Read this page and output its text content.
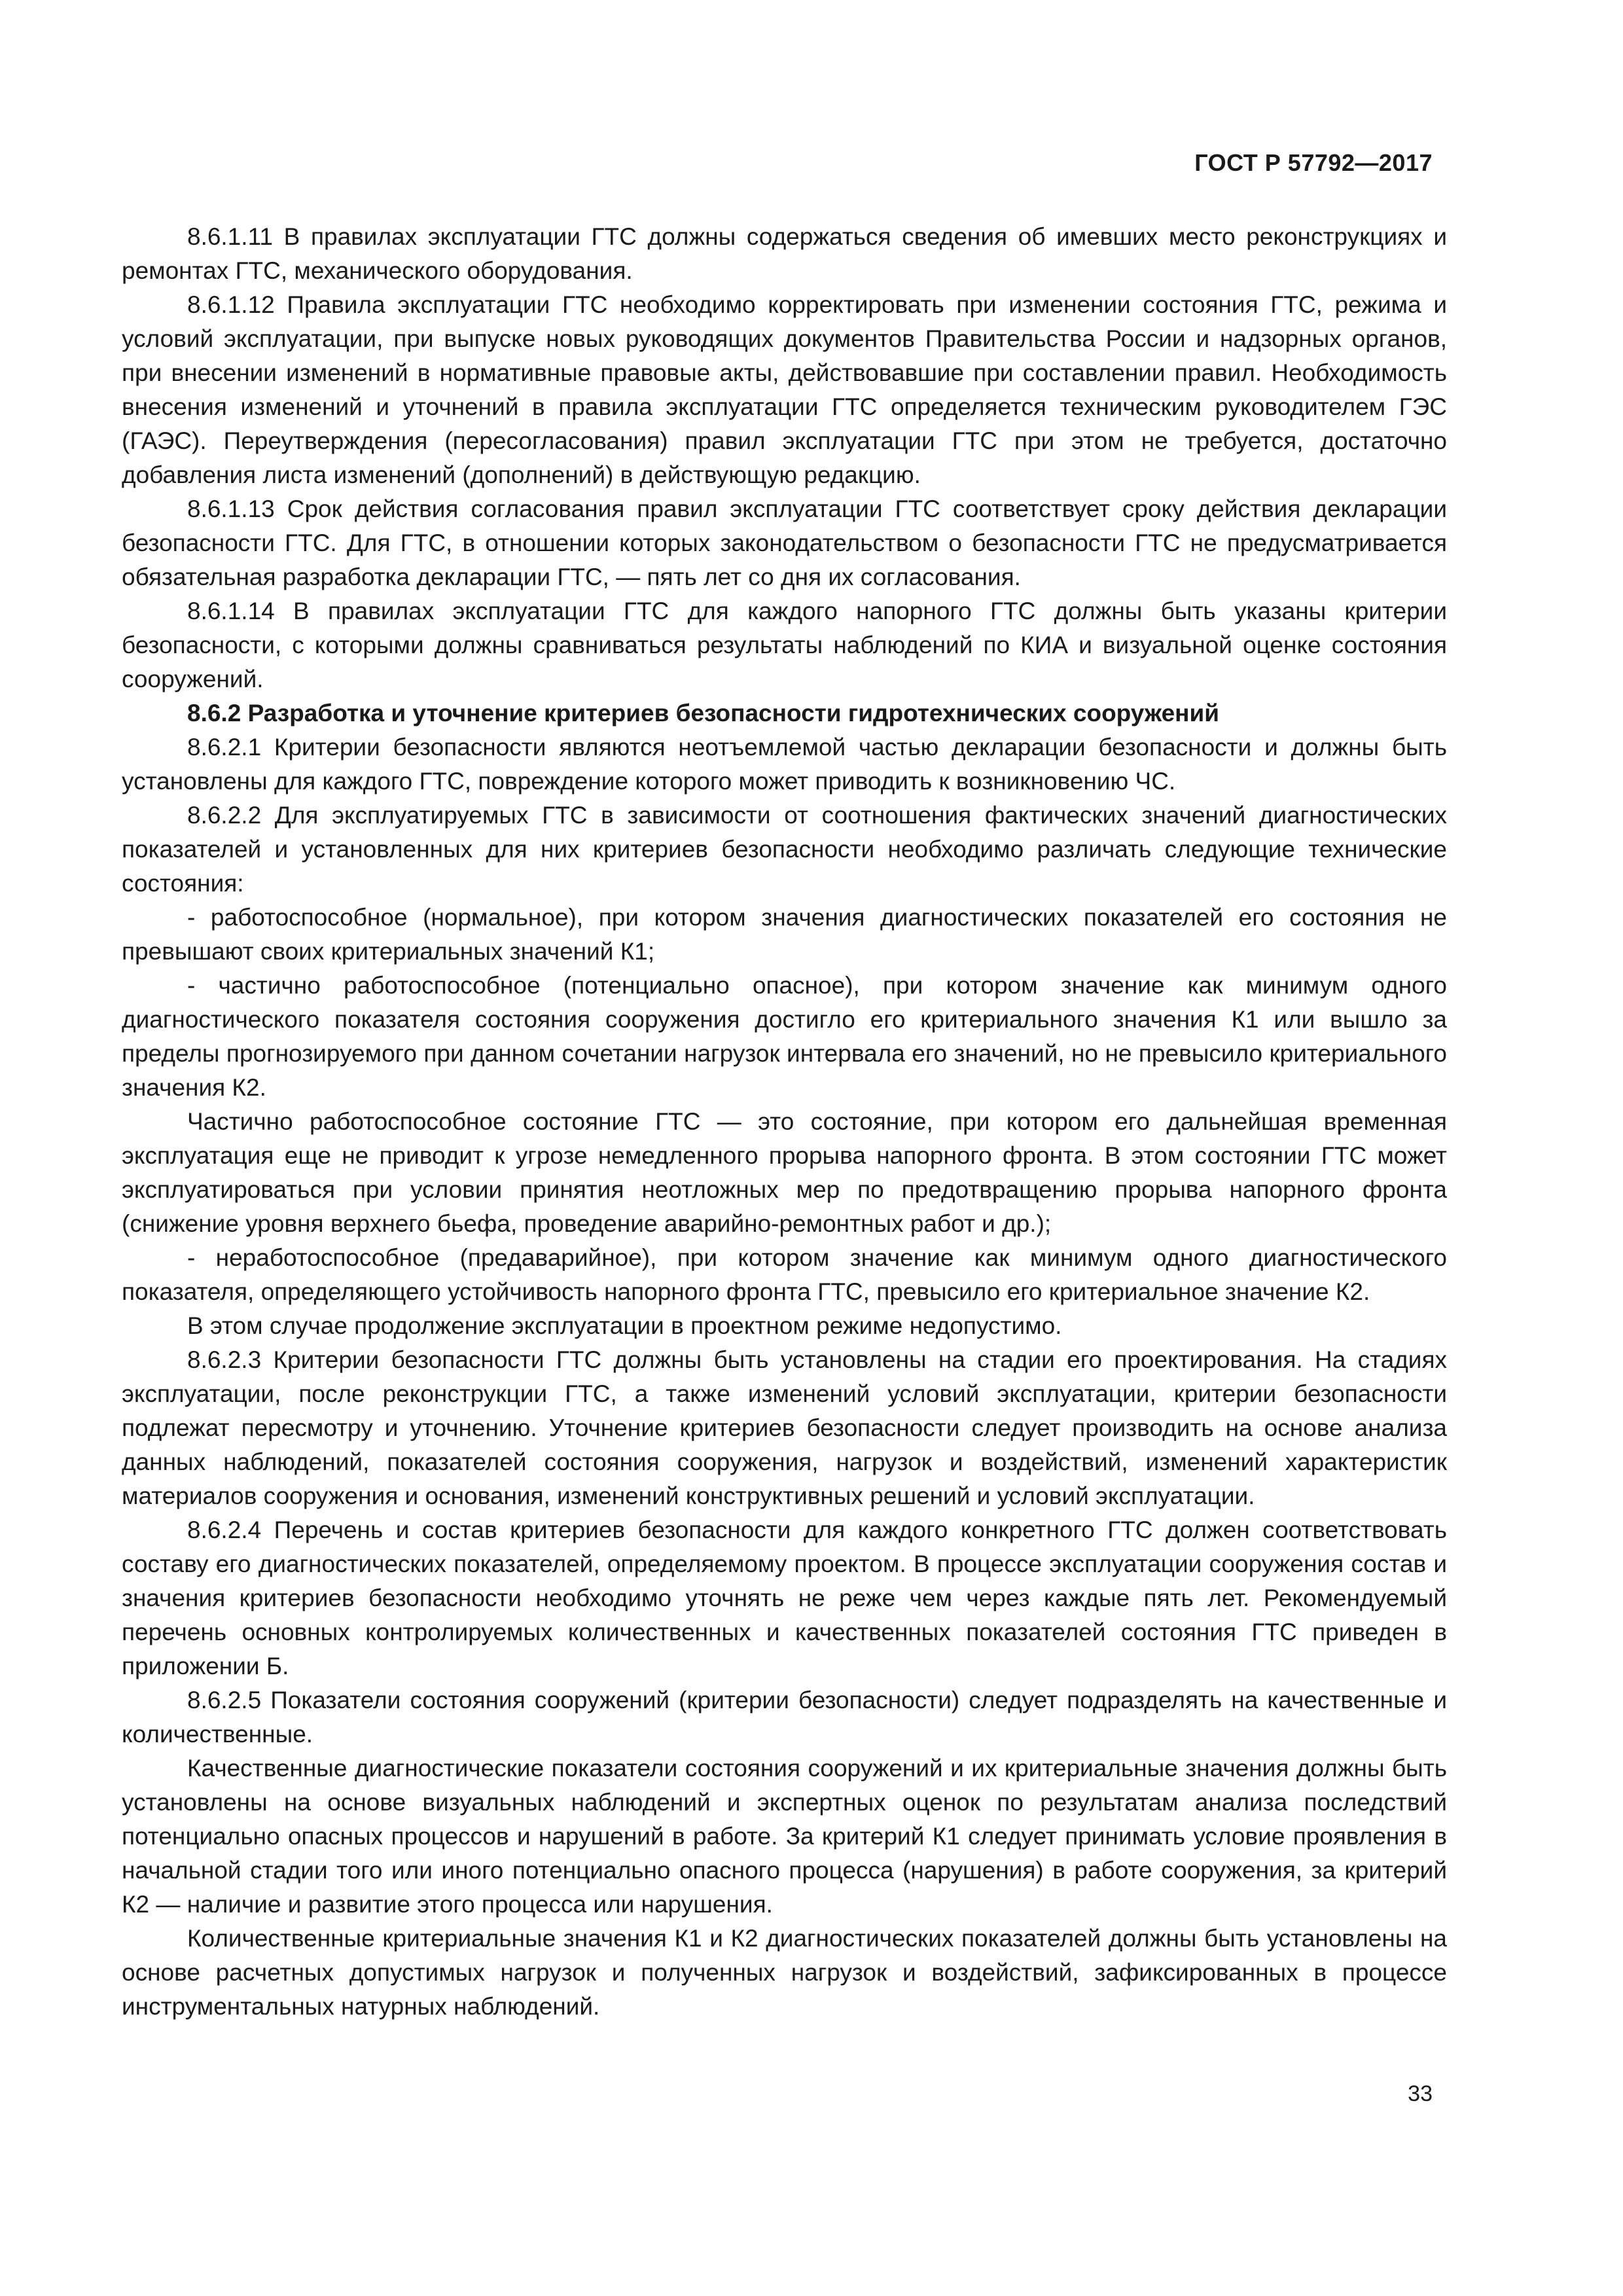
ГОСТ Р 57792—2017

8.6.1.11 В правилах эксплуатации ГТС должны содержаться сведения об имевших место реконструкциях и ремонтах ГТС, механического оборудования.

8.6.1.12 Правила эксплуатации ГТС необходимо корректировать при изменении состояния ГТС, режима и условий эксплуатации, при выпуске новых руководящих документов Правительства России и надзорных органов, при внесении изменений в нормативные правовые акты, действовавшие при составлении правил. Необходимость внесения изменений и уточнений в правила эксплуатации ГТС определяется техническим руководителем ГЭС (ГАЭС). Переутверждения (пересогласования) правил эксплуатации ГТС при этом не требуется, достаточно добавления листа изменений (дополнений) в действующую редакцию.

8.6.1.13 Срок действия согласования правил эксплуатации ГТС соответствует сроку действия декларации безопасности ГТС. Для ГТС, в отношении которых законодательством о безопасности ГТС не предусматривается обязательная разработка декларации ГТС, — пять лет со дня их согласования.

8.6.1.14 В правилах эксплуатации ГТС для каждого напорного ГТС должны быть указаны критерии безопасности, с которыми должны сравниваться результаты наблюдений по КИА и визуальной оценке состояния сооружений.

8.6.2 Разработка и уточнение критериев безопасности гидротехнических сооружений

8.6.2.1 Критерии безопасности являются неотъемлемой частью декларации безопасности и должны быть установлены для каждого ГТС, повреждение которого может приводить к возникновению ЧС.

8.6.2.2 Для эксплуатируемых ГТС в зависимости от соотношения фактических значений диагностических показателей и установленных для них критериев безопасности необходимо различать следующие технические состояния:

- работоспособное (нормальное), при котором значения диагностических показателей его состояния не превышают своих критериальных значений К1;

- частично работоспособное (потенциально опасное), при котором значение как минимум одного диагностического показателя состояния сооружения достигло его критериального значения К1 или вышло за пределы прогнозируемого при данном сочетании нагрузок интервала его значений, но не превысило критериального значения К2.

Частично работоспособное состояние ГТС — это состояние, при котором его дальнейшая временная эксплуатация еще не приводит к угрозе немедленного прорыва напорного фронта. В этом состоянии ГТС может эксплуатироваться при условии принятия неотложных мер по предотвращению прорыва напорного фронта (снижение уровня верхнего бьефа, проведение аварийно-ремонтных работ и др.);

- неработоспособное (предаварийное), при котором значение как минимум одного диагностического показателя, определяющего устойчивость напорного фронта ГТС, превысило его критериальное значение К2.

В этом случае продолжение эксплуатации в проектном режиме недопустимо.

8.6.2.3 Критерии безопасности ГТС должны быть установлены на стадии его проектирования. На стадиях эксплуатации, после реконструкции ГТС, а также изменений условий эксплуатации, критерии безопасности подлежат пересмотру и уточнению. Уточнение критериев безопасности следует производить на основе анализа данных наблюдений, показателей состояния сооружения, нагрузок и воздействий, изменений характеристик материалов сооружения и основания, изменений конструктивных решений и условий эксплуатации.

8.6.2.4 Перечень и состав критериев безопасности для каждого конкретного ГТС должен соответствовать составу его диагностических показателей, определяемому проектом. В процессе эксплуатации сооружения состав и значения критериев безопасности необходимо уточнять не реже чем через каждые пять лет. Рекомендуемый перечень основных контролируемых количественных и качественных показателей состояния ГТС приведен в приложении Б.

8.6.2.5 Показатели состояния сооружений (критерии безопасности) следует подразделять на качественные и количественные.

Качественные диагностические показатели состояния сооружений и их критериальные значения должны быть установлены на основе визуальных наблюдений и экспертных оценок по результатам анализа последствий потенциально опасных процессов и нарушений в работе. За критерий К1 следует принимать условие проявления в начальной стадии того или иного потенциально опасного процесса (нарушения) в работе сооружения, за критерий К2 — наличие и развитие этого процесса или нарушения.

Количественные критериальные значения К1 и К2 диагностических показателей должны быть установлены на основе расчетных допустимых нагрузок и полученных нагрузок и воздействий, зафиксированных в процессе инструментальных натурных наблюдений.

33
